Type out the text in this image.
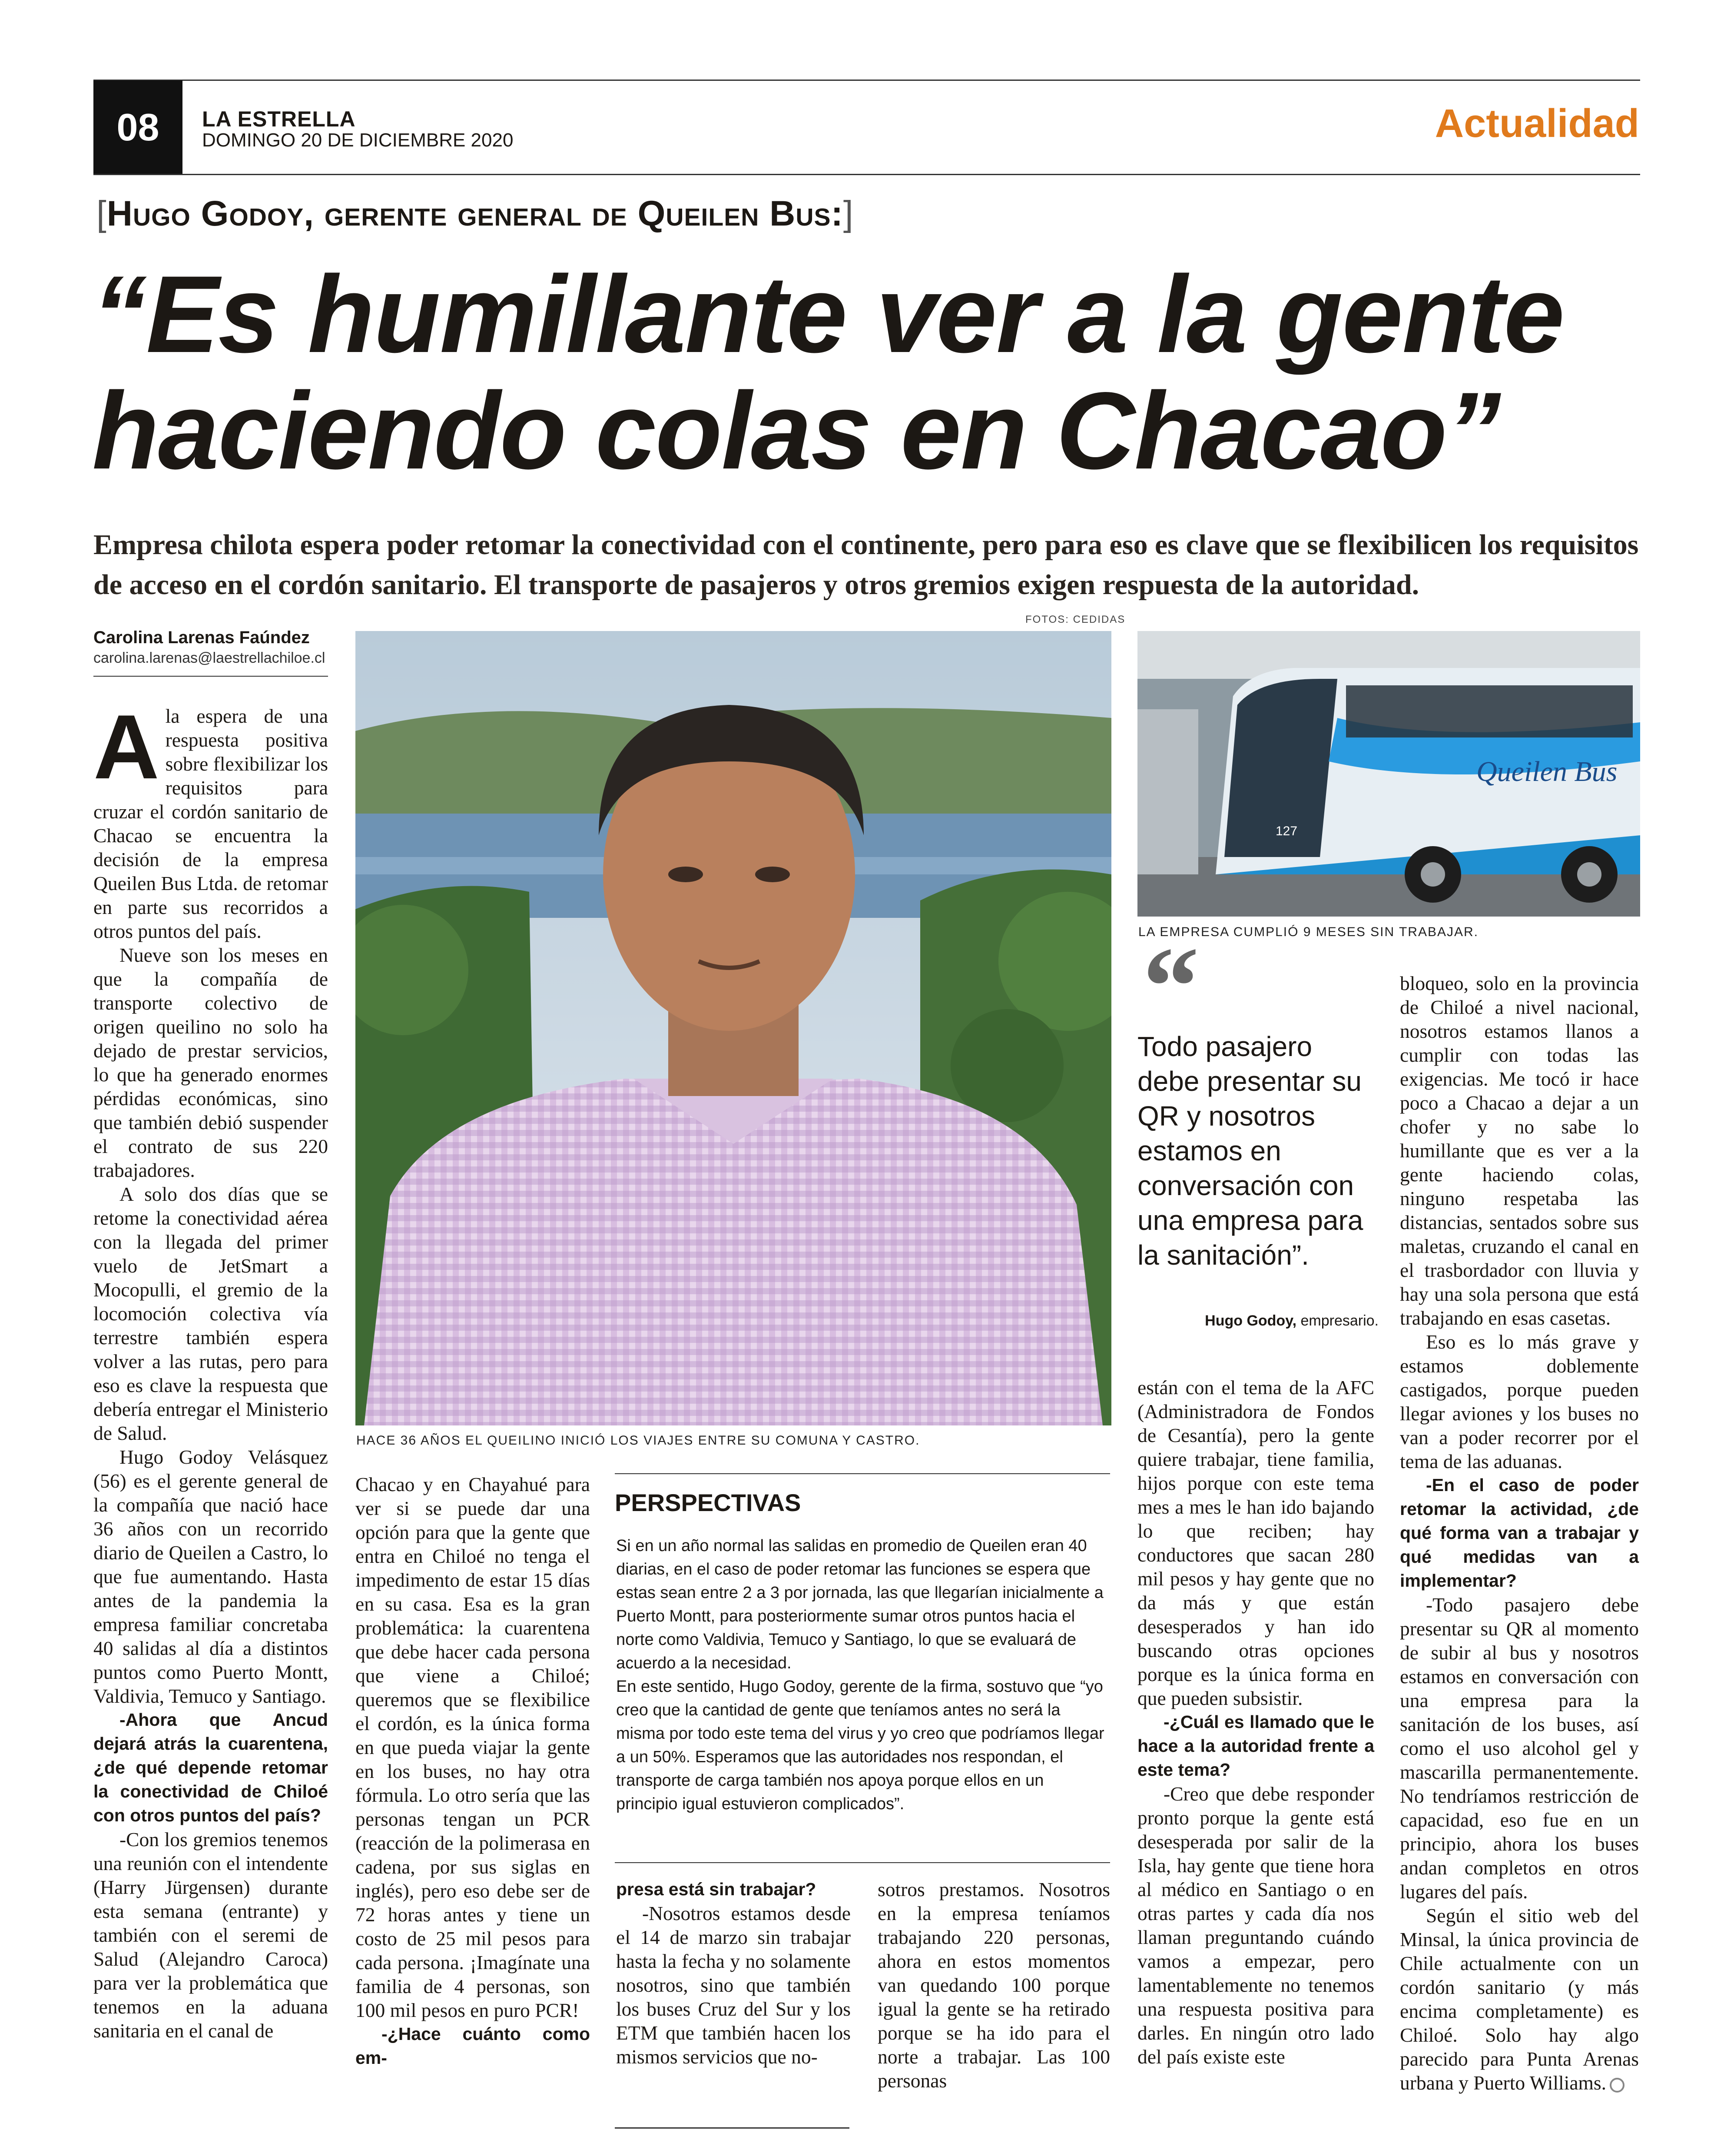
08	LA ESTRELLA
DOMINGO 20 DE DICIEMBRE 2020	Actualidad
[Hugo Godoy, gerente general de Queilen Bus:]
“Es humillante ver a la gente
haciendo colas en Chacao”
Empresa chilota espera poder retomar la conectividad con el continente, pero para eso es clave que se flexibilicen los requisitos de acceso en el cordón sanitario. El transporte de pasajeros y otros gremios exigen respuesta de la autoridad.
FOTOS: CEDIDAS
Carolina Larenas Faúndez
carolina.larenas@laestrellachiloe.cl
HACE 36 AÑOS EL QUEILINO INICIÓ LOS VIAJES ENTRE SU COMUNA Y CASTRO.
Queilen Bus
127
LA EMPRESA CUMPLIÓ 9 MESES SIN TRABAJAR.

Ala espera de una respuesta positiva sobre flexibilizar los requisitos para cruzar el cordón sanitario de Chacao se encuentra la decisión de la empresa Queilen Bus Ltda. de retomar en parte sus recorridos a otros puntos del país.

Nueve son los meses en que la compañía de transporte colectivo de origen queilino no solo ha dejado de prestar servicios, lo que ha generado enormes pérdidas económicas, sino que también debió suspender el contrato de sus 220 trabajadores.

A solo dos días que se retome la conectividad aérea con la llegada del primer vuelo de JetSmart a Mocopulli, el gremio de la locomoción colectiva vía terrestre también espera volver a las rutas, pero para eso es clave la respuesta que debería entregar el Ministerio de Salud.

Hugo Godoy Velásquez (56) es el gerente general de la compañía que nació hace 36 años con un recorrido diario de Queilen a Castro, lo que fue aumentando. Hasta antes de la pandemia la empresa familiar concretaba 40 salidas al día a distintos puntos como Puerto Montt, Valdivia, Temuco y Santiago.

-Ahora que Ancud dejará atrás la cuarentena, ¿de qué depende retomar la conectividad de Chiloé con otros puntos del país?

-Con los gremios tenemos una reunión con el intendente (Harry Jürgensen) durante esta semana (entrante) y también con el seremi de Salud (Alejandro Caroca) para ver la problemática que tenemos en la aduana sanitaria en el canal de

Chacao y en Chayahué para ver si se puede dar una opción para que la gente que entra en Chiloé no tenga el impedimento de estar 15 días en su casa. Esa es la gran problemática: la cuarentena que debe hacer cada persona que viene a Chiloé; queremos que se flexibilice el cordón, es la única forma en que pueda viajar la gente en los buses, no hay otra fórmula. Lo otro sería que las personas tengan un PCR (reacción de la polimerasa en cadena, por sus siglas en inglés), pero eso debe ser de 72 horas antes y tiene un costo de 25 mil pesos para cada persona. ¡Imagínate una familia de 4 personas, son 100 mil pesos en puro PCR!

-¿Hace cuánto como em-

PERSPECTIVAS

Si en un año normal las salidas en promedio de Queilen eran 40 diarias, en el caso de poder retomar las funciones se espera que estas sean entre 2 a 3 por jornada, las que llegarían inicialmente a Puerto Montt, para posteriormente sumar otros puntos hacia el norte como Valdivia, Temuco y Santiago, lo que se evaluará de acuerdo a la necesidad.

En este sentido, Hugo Godoy, gerente de la firma, sostuvo que “yo creo que la cantidad de gente que teníamos antes no será la misma por todo este tema del virus y yo creo que podríamos llegar a un 50%. Esperamos que las autoridades nos respondan, el transporte de carga también nos apoya porque ellos en un principio igual estuvieron complicados”.

presa está sin trabajar?

-Nosotros estamos desde el 14 de marzo sin trabajar hasta la fecha y no solamente nosotros, sino que también los buses Cruz del Sur y los ETM que también hacen los mismos servicios que no-

sotros prestamos. Nosotros en la empresa teníamos trabajando 220 personas, ahora en estos momentos van quedando 100 porque igual la gente se ha retirado porque se ha ido para el norte a trabajar. Las 100 personas

“
Todo pasajero debe presentar su QR y nosotros estamos en conversación con una empresa para la sanitación”.
Hugo Godoy, empresario.

están con el tema de la AFC (Administradora de Fondos de Cesantía), pero la gente quiere trabajar, tiene familia, hijos porque con este tema mes a mes le han ido bajando lo que reciben; hay conductores que sacan 280 mil pesos y hay gente que no da más y que están desesperados y han ido buscando otras opciones porque es la única forma en que pueden subsistir.

-¿Cuál es llamado que le hace a la autoridad frente a este tema?

-Creo que debe responder pronto porque la gente está desesperada por salir de la Isla, hay gente que tiene hora al médico en Santiago o en otras partes y cada día nos llaman preguntando cuándo vamos a empezar, pero lamentablemente no tenemos una respuesta positiva para darles. En ningún otro lado del país existe este

bloqueo, solo en la provincia de Chiloé a nivel nacional, nosotros estamos llanos a cumplir con todas las exigencias. Me tocó ir hace poco a Chacao a dejar a un chofer y no sabe lo humillante que es ver a la gente haciendo colas, ninguno respetaba las distancias, sentados sobre sus maletas, cruzando el canal en el trasbordador con lluvia y hay una sola persona que está trabajando en esas casetas.

Eso es lo más grave y estamos doblemente castigados, porque pueden llegar aviones y los buses no van a poder recorrer por el tema de las aduanas.

-En el caso de poder retomar la actividad, ¿de qué forma van a trabajar y qué medidas van a implementar?

-Todo pasajero debe presentar su QR al momento de subir al bus y nosotros estamos en conversación con una empresa para la sanitación de los buses, así como el uso alcohol gel y mascarilla permanentemente. No tendríamos restricción de capacidad, eso fue en un principio, ahora los buses andan completos en otros lugares del país.

Según el sitio web del Minsal, la única provincia de Chile actualmente con un cordón sanitario (y más encima completamente) es Chiloé. Solo hay algo parecido para Punta Arenas urbana y Puerto Williams.
